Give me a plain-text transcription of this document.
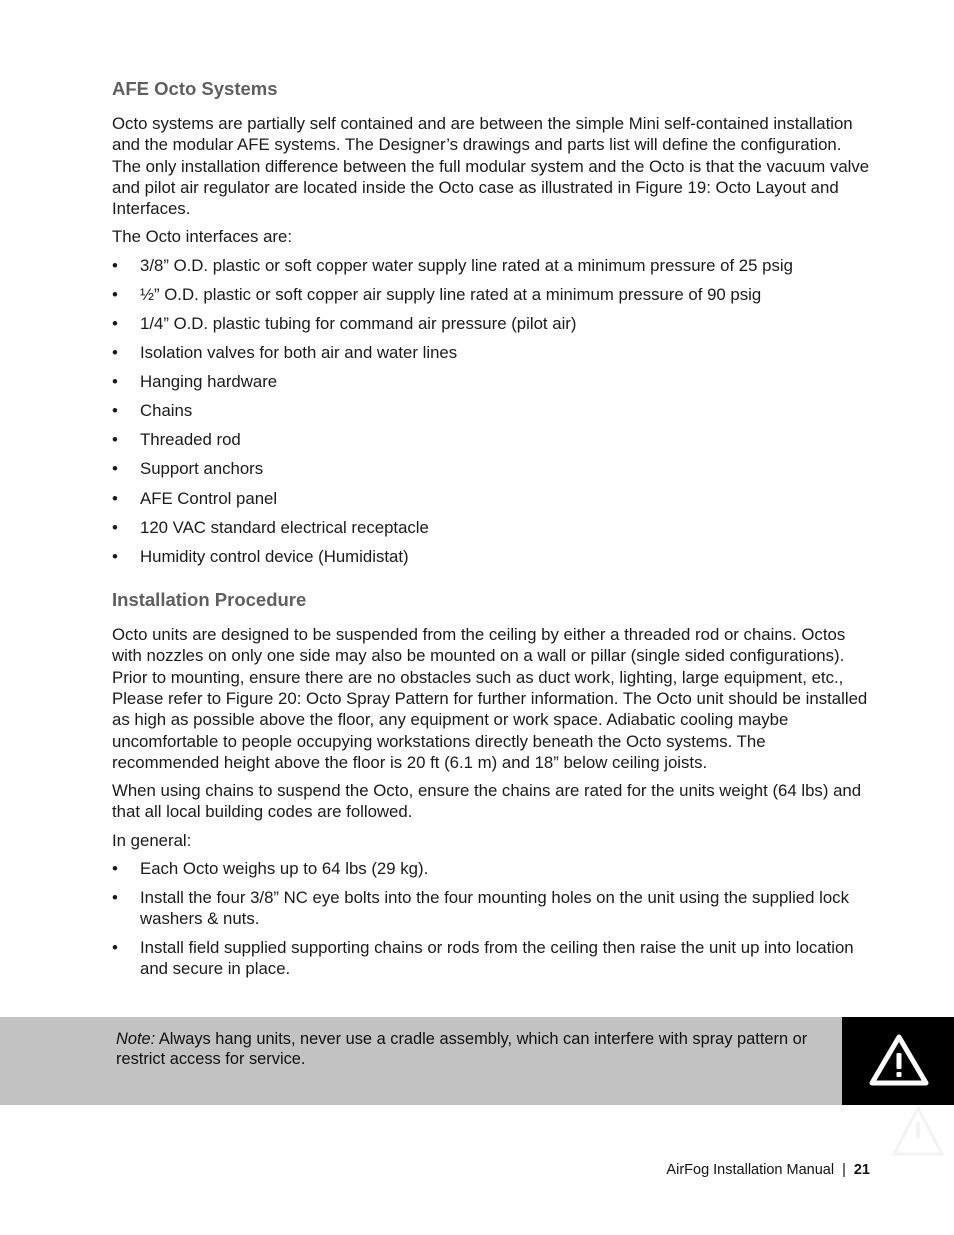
AFE Octo Systems

Octo systems are partially self contained and are between the simple Mini self-contained installation and the modular AFE systems. The Designer’s drawings and parts list will define the configuration. The only installation difference between the full modular system and the Octo is that the vacuum valve and pilot air regulator are located inside the Octo case as illustrated in Figure 19: Octo Layout and Interfaces.

The Octo interfaces are:

•	3/8” O.D. plastic or soft copper water supply line rated at a minimum pressure of 25 psig
•	½” O.D. plastic or soft copper air supply line rated at a minimum pressure of 90 psig
•	1/4” O.D. plastic tubing for command air pressure (pilot air)
•	Isolation valves for both air and water lines
•	Hanging hardware
•	Chains
•	Threaded rod
•	Support anchors
•	AFE Control panel
•	120 VAC standard electrical receptacle
•	Humidity control device (Humidistat)
Installation Procedure

Octo units are designed to be suspended from the ceiling by either a threaded rod or chains. Octos with nozzles on only one side may also be mounted on a wall or pillar (single sided configurations). Prior to mounting, ensure there are no obstacles such as duct work, lighting, large equipment, etc., Please refer to Figure 20: Octo Spray Pattern for further information. The Octo unit should be installed as high as possible above the floor, any equipment or work space. Adiabatic cooling maybe uncomfortable to people occupying workstations directly beneath the Octo systems. The recommended height above the floor is 20 ft (6.1 m) and 18” below ceiling joists.

When using chains to suspend the Octo, ensure the chains are rated for the units weight (64 lbs) and that all local building codes are followed.

In general:

•	Each Octo weighs up to 64 lbs (29 kg).
•	Install the four 3/8” NC eye bolts into the four mounting holes on the unit using the supplied lock washers & nuts.
•	Install field supplied supporting chains or rods from the ceiling then raise the unit up into location and secure in place.
Note: Always hang units, never use a cradle assembly, which can interfere with spray pattern or restrict access for service.
AirFog Installation Manual | 21
